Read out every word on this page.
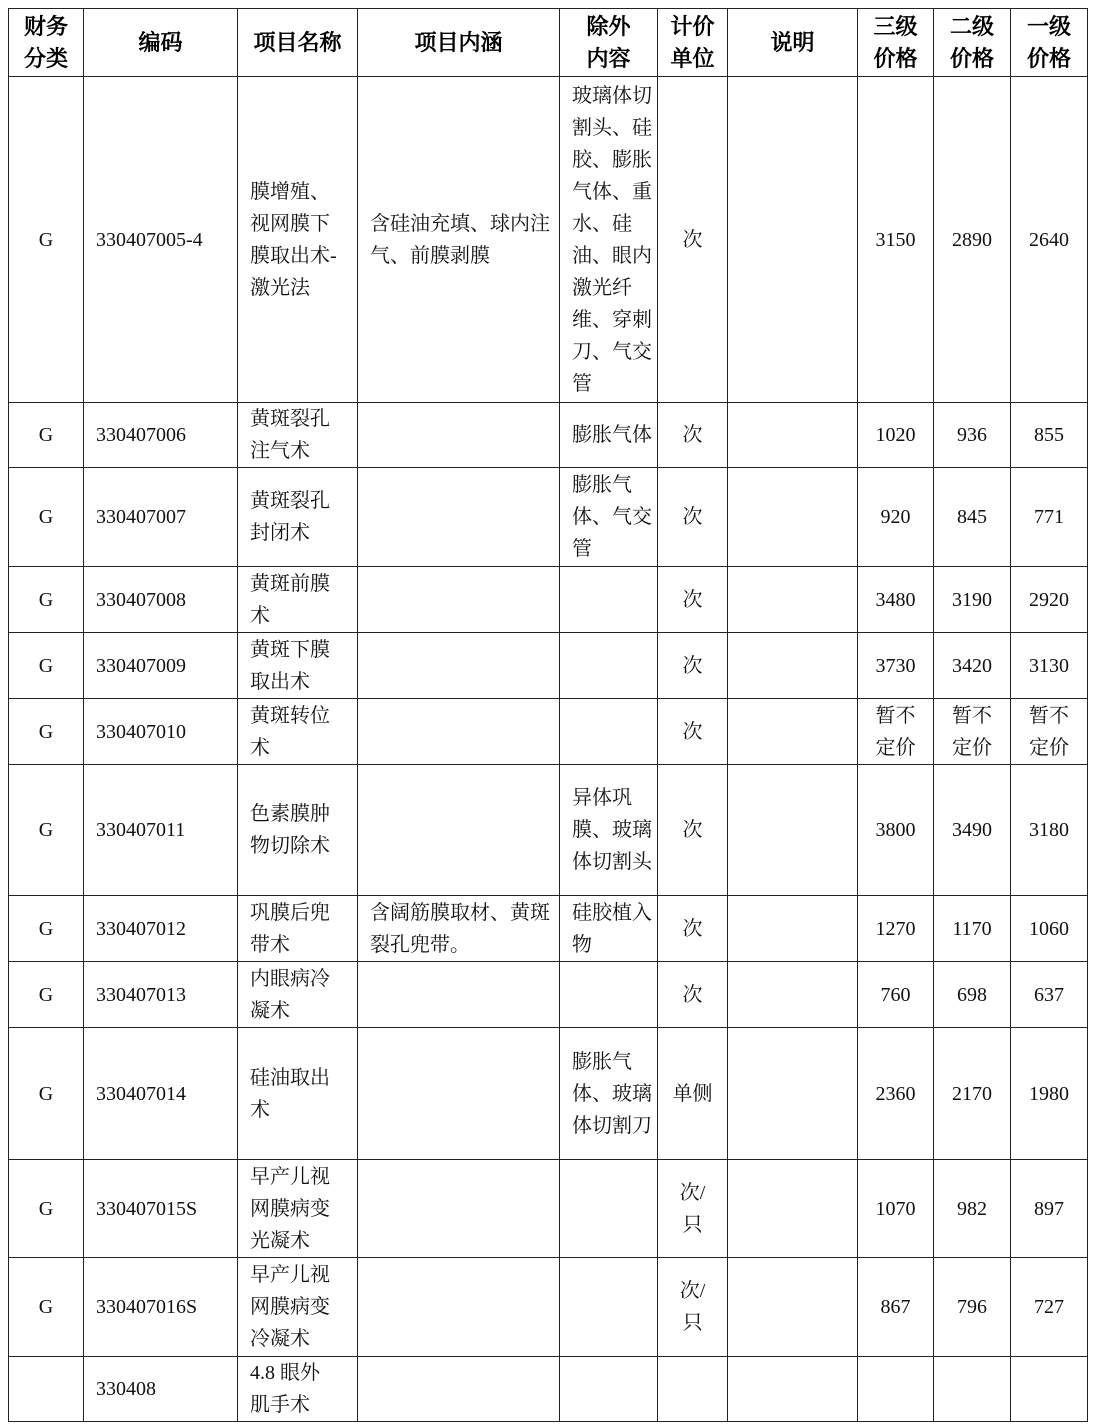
财务分类	编码	项目名称	项目内涵	除外内容	计价单位	说明	三级价格	二级价格	一级价格
G	330407005-4	膜增殖、视网膜下膜取出术-激光法	含硅油充填、球内注气、前膜剥膜	玻璃体切割头、硅胶、膨胀气体、重水、硅油、眼内激光纤维、穿刺刀、气交管	次		3150	2890	2640
G	330407006	黄斑裂孔注气术		膨胀气体	次		1020	936	855
G	330407007	黄斑裂孔封闭术		膨胀气体、气交管	次		920	845	771
G	330407008	黄斑前膜术			次		3480	3190	2920
G	330407009	黄斑下膜取出术			次		3730	3420	3130
G	330407010	黄斑转位术			次		暂不定价	暂不定价	暂不定价
G	330407011	色素膜肿物切除术		异体巩膜、玻璃体切割头	次		3800	3490	3180
G	330407012	巩膜后兜带术	含阔筋膜取材、黄斑裂孔兜带。	硅胶植入物	次		1270	1170	1060
G	330407013	内眼病冷凝术			次		760	698	637
G	330407014	硅油取出术		膨胀气体、玻璃体切割刀	单侧		2360	2170	1980
G	330407015S	早产儿视网膜病变光凝术			次/只		1070	982	897
G	330407016S	早产儿视网膜病变冷凝术			次/只		867	796	727
	330408	4.8 眼外肌手术							
